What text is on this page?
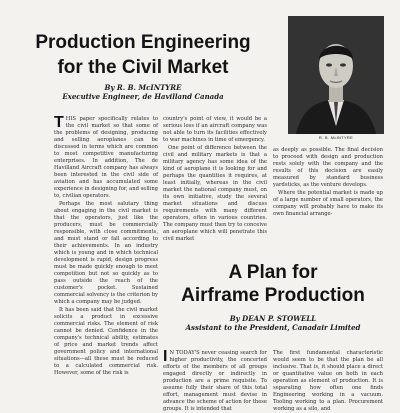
Production Engineering
for the Civil Market
By R. B. McINTYRE
Executive Engineer, de Havilland Canada
R. B. McINTYRE
T HIS paper specifically relates to the civil market so that some of the problems of designing, producing and selling aeroplanes can be discussed in terms which are common to most competitive manufacturing enterprises. In addition, The de Havilland Aircraft company has always been interested in the civil side of aviation and has accumulated some experience in designing for, and selling to, civilian operators.

Perhaps the most salutary thing about engaging in the civil market is that the operators, just like the producers, must be commercially responsible, with close commitments, and must stand or fall according to their achievements. In an industry which is young and in which technical development is rapid, design progress must be made quickly enough to meet competition but not so quickly as to pass outside the reach of the customer's pocket. Sustained commercial solvency is the criterion by which a company may be judged.

It has been said that the civil market solicits a product in excessive commercial risks. The element of risk cannot be denied. Confidence in the company's technical ability, estimates of price and market trends affect government policy and international situations—all these must be reduced to a calculated commercial risk. However, some of the risk is

country's point of view, it would be a serious loss if an aircraft company was not able to turn its facilities effectively to war machines in time of emergency.

One point of difference between the civil and military markets is that a military agency has some idea of the kind of aeroplane it is looking for and perhaps the quantities it requires, at least initially, whereas in the civil market the national company must, on its own initiative, study the several market situations and discuss requirements with many different operators, often in various countries. The company must then try to conceive an aeroplane which will penetrate this civil market

as deeply as possible. The final decision to proceed with design and production rests solely with the company and the results of this decision are easily measured by standard business yardsticks, as the venture develops.

Where the potential market is made up of a large number of small operators, the company will probably have to make its own financial arrange-

A Plan for
Airframe Production
By DEAN P. STOWELL
Assistant to the President, Canadair Limited
I N TODAY'S never ceasing search for higher productivity, the concerted efforts of the members of all groups engaged directly or indirectly in production are a prime requisite. To assume fully their share of this total effort, management must devise in advance the scheme of action for these groups. It is intended that

The first fundamental characteristic would seem to be that the plan be all inclusive. That is, it should place a direct or quantitative value on both in each operation as element of production. It is separating how often one finds Engineering working in a vacuum. Tooling working to a plan. Procurement working as a silo, and
